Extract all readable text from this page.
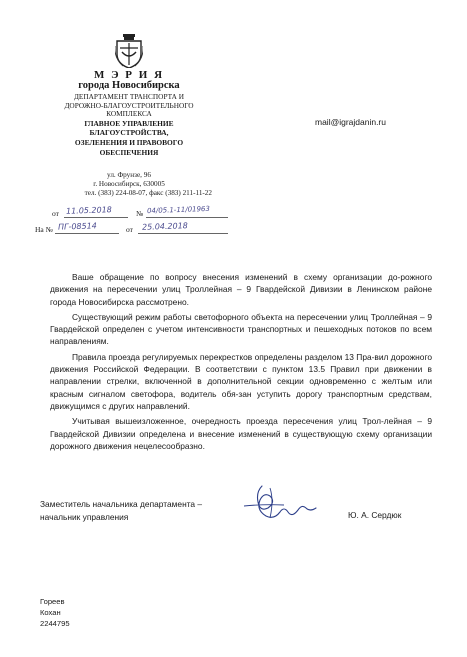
М Э Р И Я
города Новосибирска
ДЕПАРТАМЕНТ ТРАНСПОРТА И
ДОРОЖНО-БЛАГОУСТРОИТЕЛЬНОГО
КОМПЛЕКСА
ГЛАВНОЕ УПРАВЛЕНИЕ
БЛАГОУСТРОЙСТВА,
ОЗЕЛЕНЕНИЯ И ПРАВОВОГО
ОБЕСПЕЧЕНИЯ
ул. Фрунзе, 96
г. Новосибирск, 630005
тел. (383) 224-08-07, факс (383) 211-11-22
от 11.05.2018	№ 04/05.1-11/01963
На № ПГ-08514	от 25.04.2018
mail@igrajdanin.ru

Ваше обращение по вопросу внесения изменений в схему организации до-рожного движения на пересечении улиц Троллейная – 9 Гвардейской Дивизии в Ленинском районе города Новосибирска рассмотрено.

Существующий режим работы светофорного объекта на пересечении улиц Троллейная – 9 Гвардейской определен с учетом интенсивности транспортных и пешеходных потоков по всем направлениям.

Правила проезда регулируемых перекрестков определены разделом 13 Пра-вил дорожного движения Российской Федерации. В соответствии с пунктом 13.5 Правил при движении в направлении стрелки, включенной в дополнительной секции одновременно с желтым или красным сигналом светофора, водитель обя-зан уступить дорогу транспортным средствам, движущимся с других направлений.

Учитывая вышеизложенное, очередность проезда пересечения улиц Трол-лейная – 9 Гвардейской Дивизии определена и внесение изменений в существующую схему организации дорожного движения нецелесообразно.

Заместитель начальника департамента –
начальник управления	Ю. А. Сердюк
Гореев
Кохан
2244795
